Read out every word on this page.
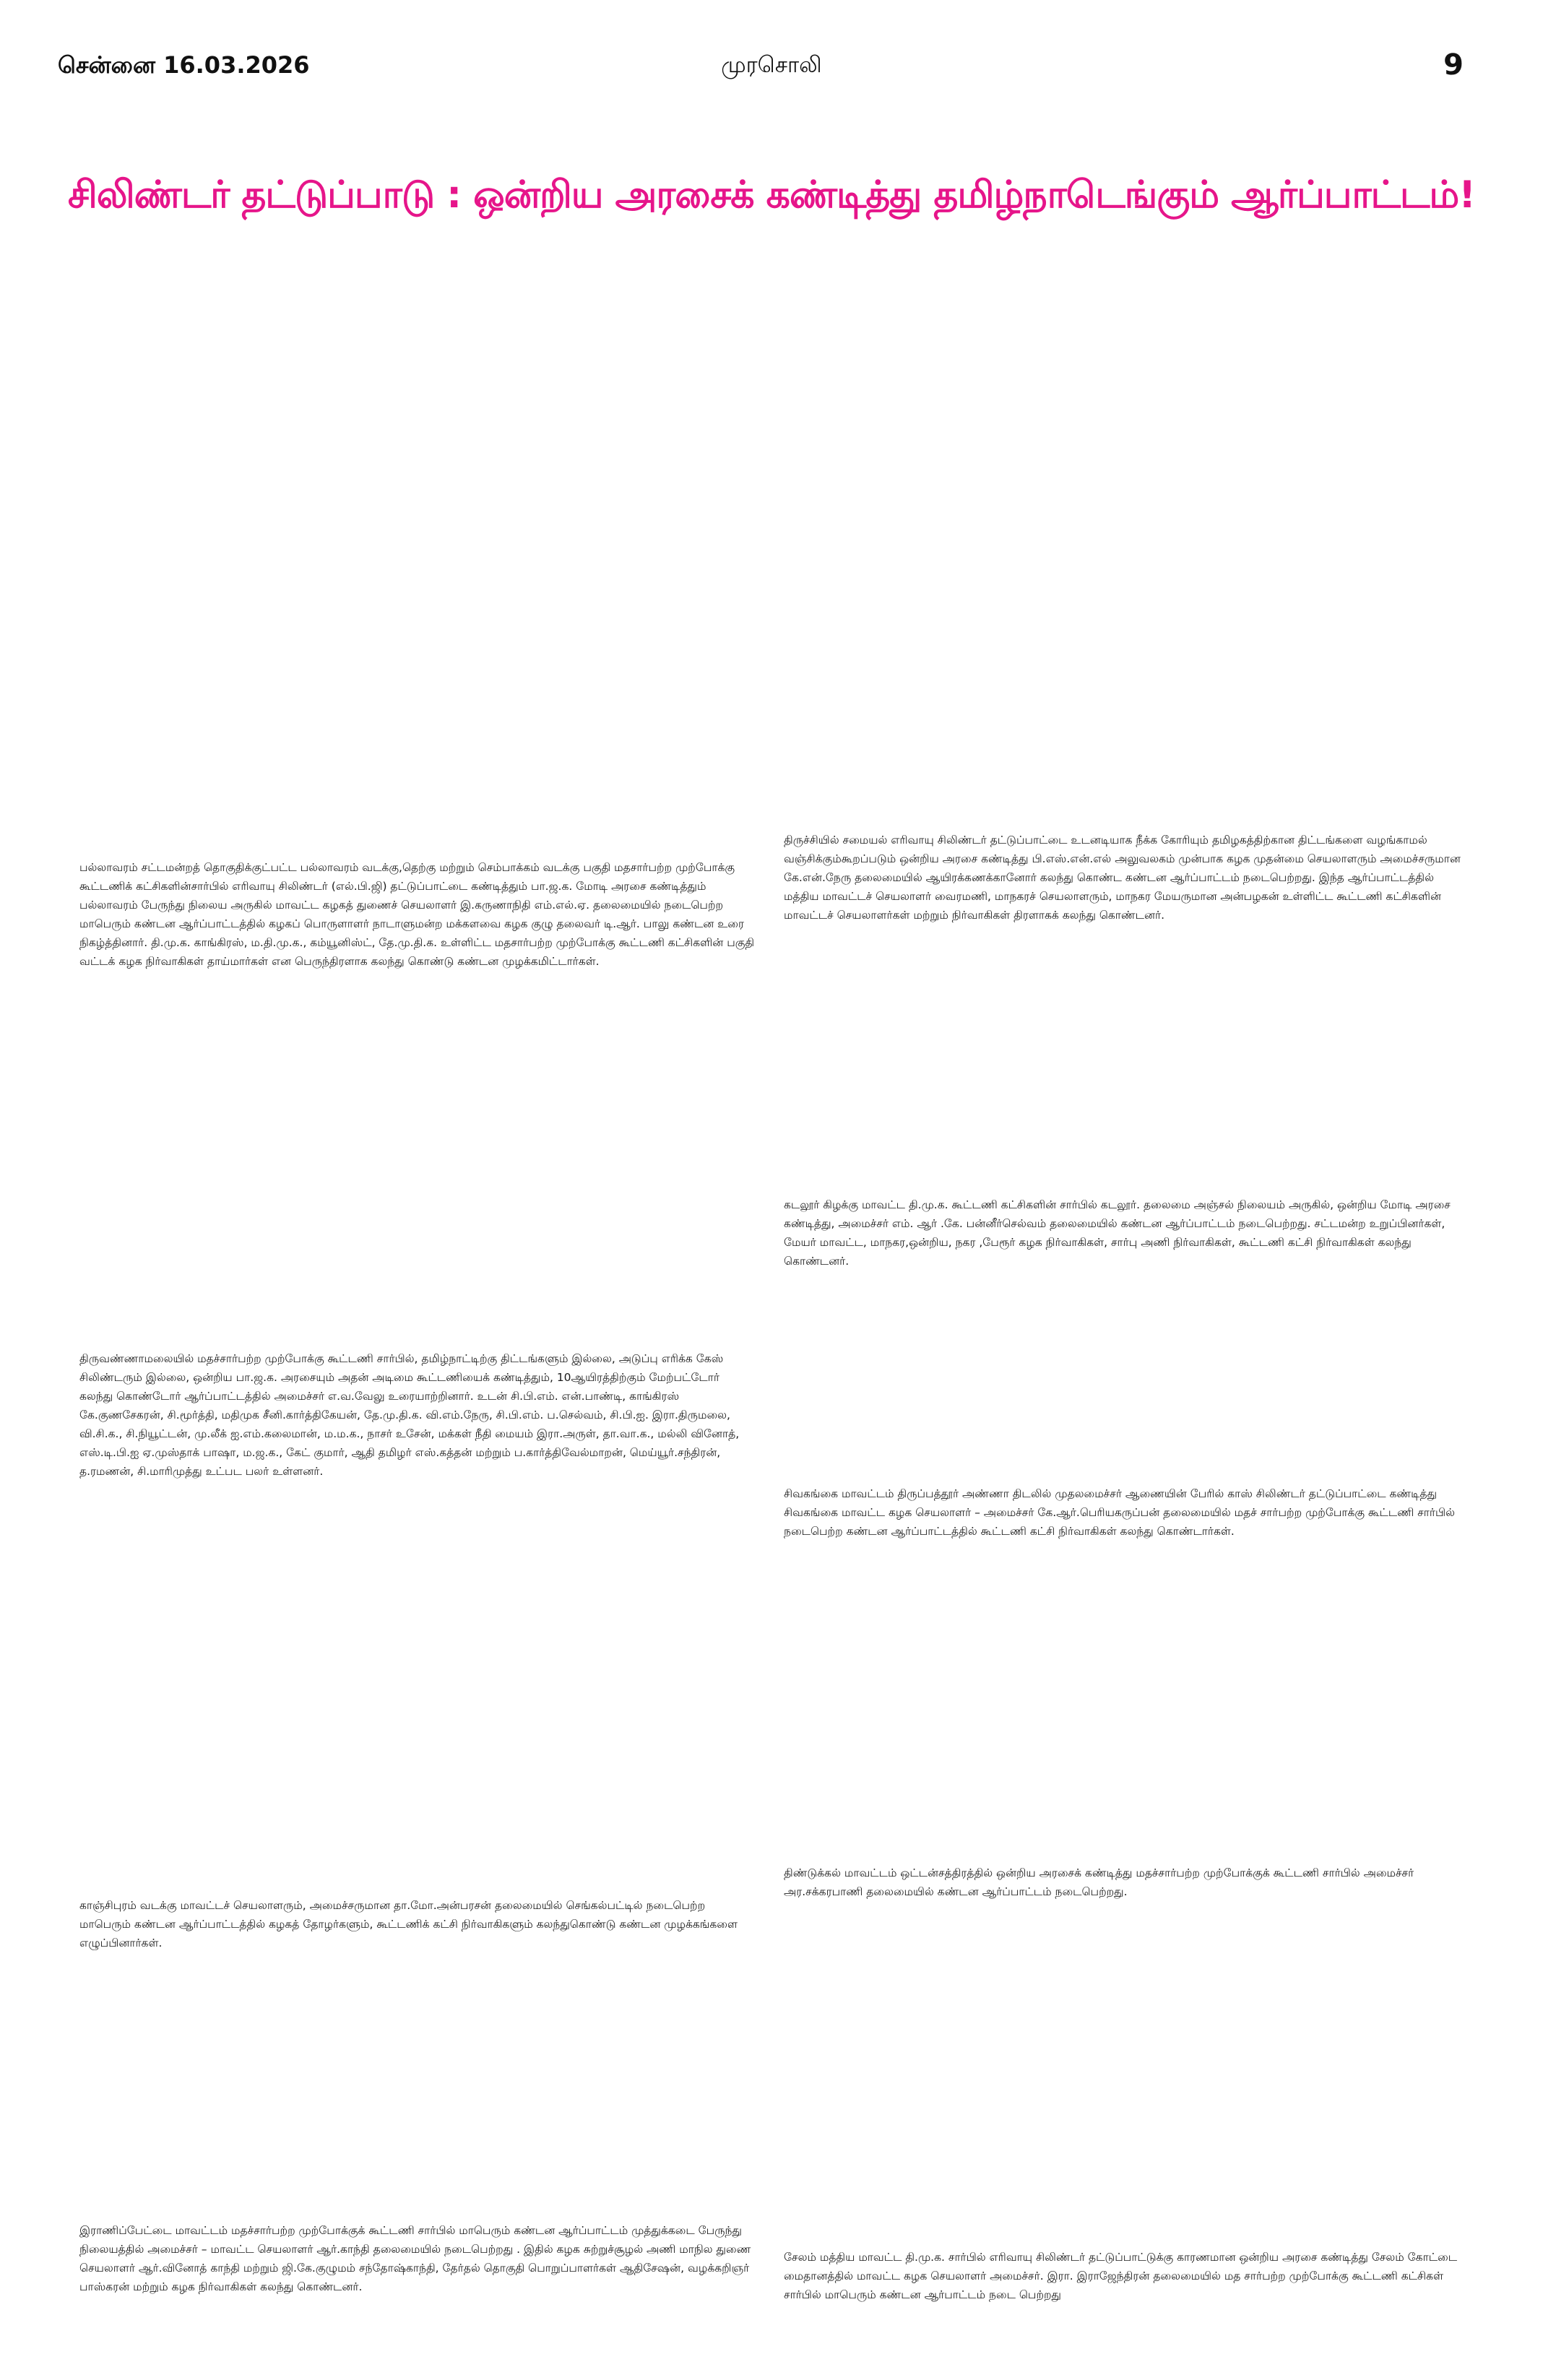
சென்னை 16.03.2026	முரசொலி	9

சிலிண்டர் தட்டுப்பாடு : ஒன்றிய அரசைக் கண்டித்து தமிழ்நாடெங்கும் ஆர்ப்பாட்டம்!

பல்லாவரம் சட்டமன்றத் தொகுதிக்குட்பட்ட பல்லாவரம் வடக்கு,தெற்கு மற்றும் செம்பாக்கம் வடக்கு பகுதி மதசார்பற்ற முற்போக்கு கூட்டணிக் கட்சிகளின்சார்பில் எரிவாயு சிலிண்டர் (எல்.பி.ஜி) தட்டுப்பாட்டை கண்டித்தும் பா.ஜ.க. மோடி அரசை கண்டித்தும் பல்லாவரம் பேருந்து நிலைய அருகில் மாவட்ட கழகத் துணைச் செயலாளர் இ.கருணாநிதி எம்.எல்.ஏ. தலைமையில் நடைபெற்ற மாபெரும் கண்டன ஆர்ப்பாட்டத்தில் கழகப் பொருளாளர் நாடாளுமன்ற மக்களவை கழக குழு தலைவர் டி.ஆர். பாலு கண்டன உரை நிகழ்த்தினார். தி.மு.க. காங்கிரஸ், ம.தி.மு.க., கம்யூனிஸ்ட், தே.மு.தி.க. உள்ளிட்ட மதசார்பற்ற முற்போக்கு கூட்டணி கட்சிகளின் பகுதி வட்டக் கழக நிர்வாகிகள் தாய்மார்கள் என பெருந்திரளாக கலந்து கொண்டு கண்டன முழக்கமிட்டார்கள்.

திருச்சியில் சமையல் எரிவாயு சிலிண்டர் தட்டுப்பாட்டை உடனடியாக நீக்க கோரியும் தமிழகத்திற்கான திட்டங்களை வழங்காமல் வஞ்சிக்கும்கூறப்படும் ஒன்றிய அரசை கண்டித்து பி.எஸ்.என்.எல் அலுவலகம் முன்பாக கழக முதன்மை செயலாளரும் அமைச்சருமான கே.என்.நேரு தலைமையில் ஆயிரக்கணக்கானோர் கலந்து கொண்ட கண்டன ஆர்ப்பாட்டம் நடைபெற்றது. இந்த ஆர்ப்பாட்டத்தில் மத்திய மாவட்டச் செயலாளர் வைரமணி, மாநகரச் செயலாளரும், மாநகர மேயருமான அன்பழகன் உள்ளிட்ட கூட்டணி கட்சிகளின் மாவட்டச் செயலாளர்கள் மற்றும் நிர்வாகிகள் திரளாகக் கலந்து கொண்டனர்.

கடலூர் கிழக்கு மாவட்ட தி.மு.க. கூட்டணி கட்சிகளின் சார்பில் கடலூர். தலைமை அஞ்சல் நிலையம் அருகில், ஒன்றிய மோடி அரசை கண்டித்து, அமைச்சர் எம். ஆர் .கே. பன்னீர்செல்வம் தலைமையில் கண்டன ஆர்ப்பாட்டம் நடைபெற்றது. சட்டமன்ற உறுப்பினர்கள், மேயர் மாவட்ட, மாநகர,ஒன்றிய, நகர ,பேரூர் கழக நிர்வாகிகள், சார்பு அணி நிர்வாகிகள், கூட்டணி கட்சி நிர்வாகிகள் கலந்து கொண்டனர்.

திருவண்ணாமலையில் மதச்சார்பற்ற முற்போக்கு கூட்டணி சார்பில், தமிழ்நாட்டிற்கு திட்டங்களும் இல்லை, அடுப்பு எரிக்க கேஸ் சிலிண்டரும் இல்லை, ஒன்றிய பா.ஜ.க. அரசையும் அதன் அடிமை கூட்டணியைக் கண்டித்தும், 10ஆயிரத்திற்கும் மேற்பட்டோர் கலந்து கொண்டோர் ஆர்ப்பாட்டத்தில் அமைச்சர் எ.வ.வேலு உரையாற்றினார். உடன் சி.பி.எம். என்.பாண்டி, காங்கிரஸ் கே.குணசேகரன், சி.மூர்த்தி, மதிமுக சீனி.கார்த்திகேயன், தே.மு.தி.க. வி.எம்.நேரு, சி.பி.எம். ப.செல்வம், சி.பி.ஐ. இரா.திருமலை, வி.சி.க., சி.நியூட்டன், மு.லீக் ஐ.எம்.கலைமான், ம.ம.க., நாசர் உசேன், மக்கள் நீதி மையம் இரா.அருள், தா.வா.க., மல்லி வினோத், எஸ்.டி.பி.ஐ ஏ.முஸ்தாக் பாஷா, ம.ஜ.க., கேட் குமார், ஆதி தமிழர் எஸ்.கத்தன் மற்றும் ப.கார்த்திவேல்மாறன், மெய்யூர்.சந்திரன், த.ரமணன், சி.மாரிமுத்து உட்பட பலர் உள்ளனர்.

சிவகங்கை மாவட்டம் திருப்பத்தூர் அண்ணா திடலில் முதலமைச்சர் ஆணையின் பேரில் காஸ் சிலிண்டர் தட்டுப்பாட்டை கண்டித்து சிவகங்கை மாவட்ட கழக செயலாளர் – அமைச்சர் கே.ஆர்.பெரியகருப்பன் தலைமையில் மதச் சார்பற்ற முற்போக்கு கூட்டணி சார்பில் நடைபெற்ற கண்டன ஆர்ப்பாட்டத்தில் கூட்டணி கட்சி நிர்வாகிகள் கலந்து கொண்டார்கள்.

காஞ்சிபுரம் வடக்கு மாவட்டச் செயலாளரும், அமைச்சருமான தா.மோ.அன்பரசன் தலைமையில் செங்கல்பட்டில் நடைபெற்ற மாபெரும் கண்டன ஆர்ப்பாட்டத்தில் கழகத் தோழர்களும், கூட்டணிக் கட்சி நிர்வாகிகளும் கலந்துகொண்டு கண்டன முழக்கங்களை எழுப்பினார்கள்.

திண்டுக்கல் மாவட்டம் ஒட்டன்சத்திரத்தில் ஒன்றிய அரசைக் கண்டித்து மதச்சார்பற்ற முற்போக்குக் கூட்டணி சார்பில் அமைச்சர் அர.சக்கரபாணி தலைமையில் கண்டன ஆர்ப்பாட்டம் நடைபெற்றது.

இராணிப்பேட்டை மாவட்டம் மதச்சார்பற்ற முற்போக்குக் கூட்டணி சார்பில் மாபெரும் கண்டன ஆர்ப்பாட்டம் முத்துக்கடை பேருந்து நிலையத்தில் அமைச்சர் – மாவட்ட செயலாளர் ஆர்.காந்தி தலைமையில் நடைபெற்றது . இதில் கழக சுற்றுச்சூழல் அணி மாநில துணை செயலாளர் ஆர்.வினோத் காந்தி மற்றும் ஜி.கே.குழுமம் சந்தோஷ்காந்தி, தேர்தல் தொகுதி பொறுப்பாளர்கள் ஆதிசேஷன், வழக்கறிஞர் பாஸ்கரன் மற்றும் கழக நிர்வாகிகள் கலந்து கொண்டனர்.

சேலம் மத்திய மாவட்ட தி.மு.க. சார்பில் எரிவாயு சிலிண்டர் தட்டுப்பாட்டுக்கு காரணமான ஒன்றிய அரசை கண்டித்து சேலம் கோட்டை மைதானத்தில் மாவட்ட கழக செயலாளர் அமைச்சர். இரா. இராஜேந்திரன் தலைமையில் மத சார்பற்ற முற்போக்கு கூட்டணி கட்சிகள் சார்பில் மாபெரும் கண்டன ஆர்பாட்டம் நடை பெற்றது
